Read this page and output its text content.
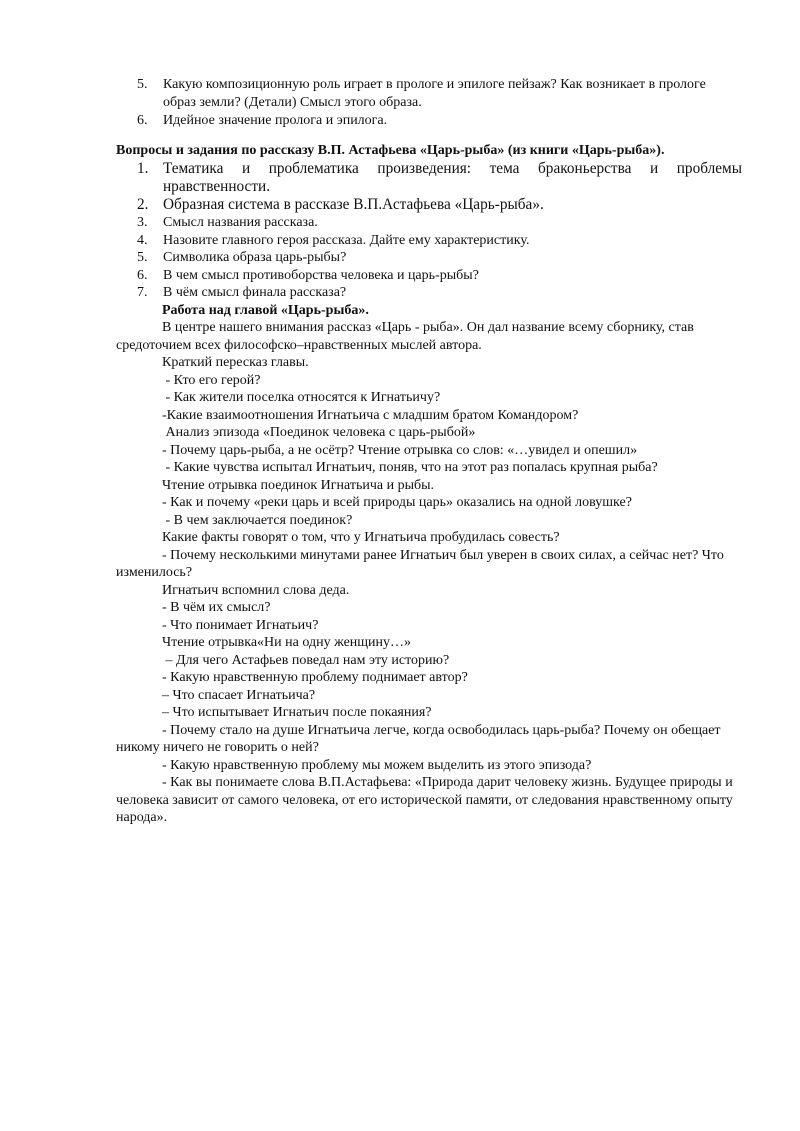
5.	Какую композиционную роль играет в прологе и эпилоге пейзаж? Как возникает в прологе образ земли? (Детали) Смысл этого образа.
6.	Идейное значение пролога и эпилога.

Вопросы и задания по рассказу В.П. Астафьева «Царь-рыба» (из книги «Царь-рыба»).

1. Тематика и проблематика произведения: тема браконьерства и проблемы нравственности.
2. Образная система в рассказе В.П.Астафьева «Царь-рыба».
3.	Смысл названия рассказа.
4.	Назовите главного героя рассказа. Дайте ему характеристику.
5.	Символика образа царь-рыбы?
6.	В чем смысл противоборства человека и царь-рыбы?
7.	В чём смысл финала рассказа?

Работа над главой «Царь-рыба».

В центре нашего внимания рассказ «Царь - рыба». Он дал название всему сборнику, став средоточием всех философско–нравственных мыслей автора.

Краткий пересказ главы.

- Кто его герой?

- Как жители поселка относятся к Игнатьичу?

-Какие взаимоотношения Игнатьича с младшим братом Командором?

Анализ эпизода «Поединок человека с царь-рыбой»

- Почему царь-рыба, а не осётр? Чтение отрывка со слов: «…увидел и опешил»

- Какие чувства испытал Игнатьич, поняв, что на этот раз попалась крупная рыба?

Чтение отрывка поединок Игнатьича и рыбы.

- Как и почему «реки царь и всей природы царь» оказались на одной ловушке?

- В чем заключается поединок?

Какие факты говорят о том, что у Игнатьича пробудилась совесть?

- Почему несколькими минутами ранее Игнатьич был уверен в своих силах, а сейчас нет? Что изменилось?

Игнатьич вспомнил слова деда.

- В чём их смысл?

- Что понимает Игнатьич?

Чтение отрывка«Ни на одну женщину…»

– Для чего Астафьев поведал нам эту историю?

- Какую нравственную проблему поднимает автор?

– Что спасает Игнатьича?

– Что испытывает Игнатьич после покаяния?

- Почему стало на душе Игнатьича легче, когда освободилась царь-рыба? Почему он обещает никому ничего не говорить о ней?

- Какую нравственную проблему мы можем выделить из этого эпизода?

- Как вы понимаете слова В.П.Астафьева: «Природа дарит человеку жизнь. Будущее природы и человека зависит от самого человека, от его исторической памяти, от следования нравственному опыту народа».
